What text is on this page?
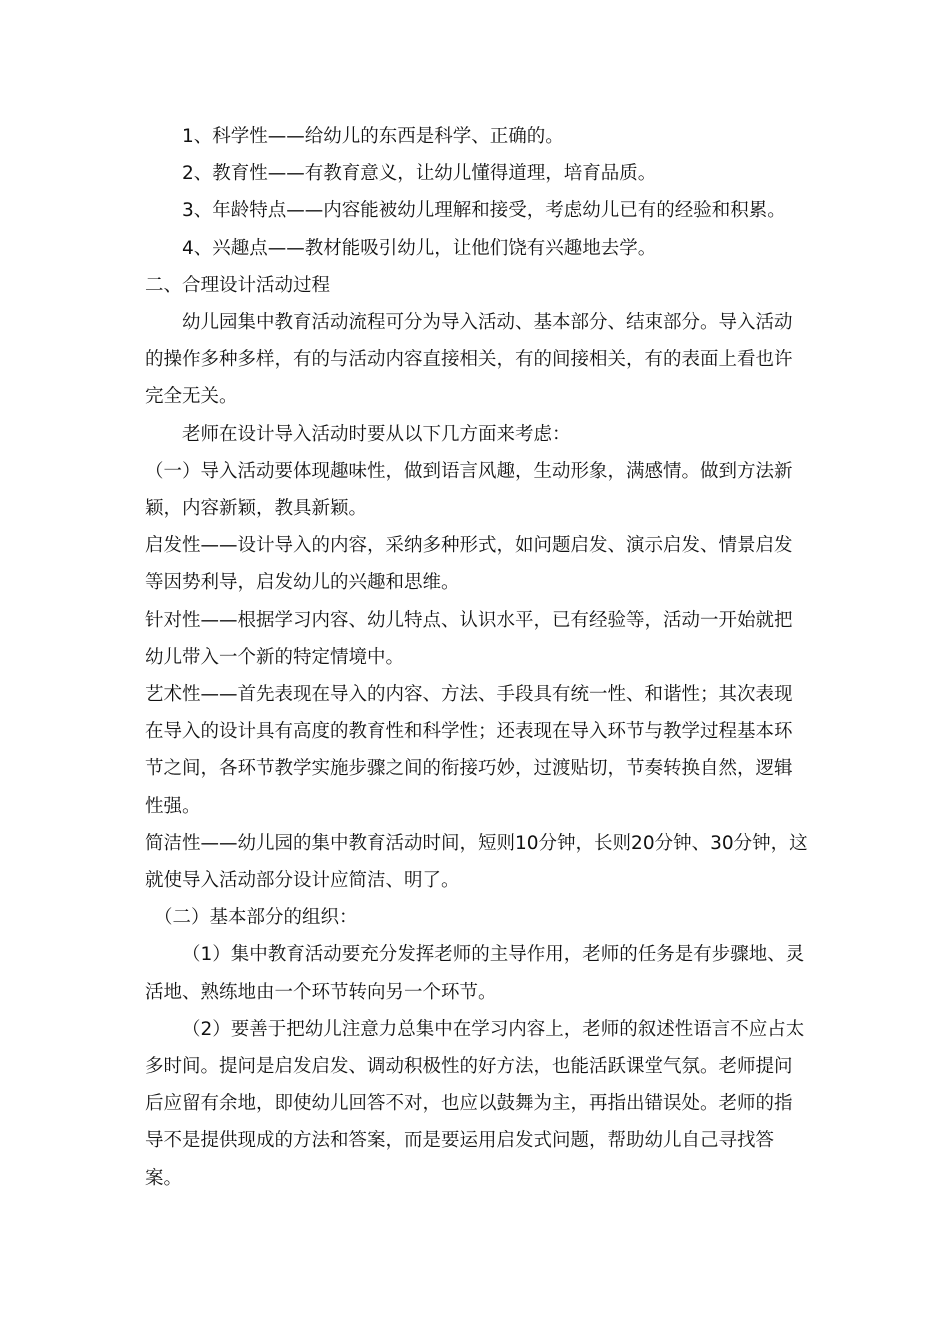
1、科学性——给幼儿的东西是科学、正确的。

2、教育性——有教育意义，让幼儿懂得道理，培育品质。

3、年龄特点——内容能被幼儿理解和接受，考虑幼儿已有的经验和积累。

4、兴趣点——教材能吸引幼儿，让他们饶有兴趣地去学。

二、合理设计活动过程

幼儿园集中教育活动流程可分为导入活动、基本部分、结束部分。导入活动的操作多种多样，有的与活动内容直接相关，有的间接相关，有的表面上看也许完全无关。

老师在设计导入活动时要从以下几方面来考虑：

（一）导入活动要体现趣味性，做到语言风趣，生动形象，满感情。做到方法新颖，内容新颖，教具新颖。

启发性——设计导入的内容，采纳多种形式，如问题启发、演示启发、情景启发等因势利导，启发幼儿的兴趣和思维。

针对性——根据学习内容、幼儿特点、认识水平，已有经验等，活动一开始就把幼儿带入一个新的特定情境中。

艺术性——首先表现在导入的内容、方法、手段具有统一性、和谐性；其次表现在导入的设计具有高度的教育性和科学性；还表现在导入环节与教学过程基本环节之间，各环节教学实施步骤之间的衔接巧妙，过渡贴切，节奏转换自然，逻辑性强。

简洁性——幼儿园的集中教育活动时间，短则10分钟，长则20分钟、30分钟，这就使导入活动部分设计应简洁、明了。

（二）基本部分的组织：

（1）集中教育活动要充分发挥老师的主导作用，老师的任务是有步骤地、灵活地、熟练地由一个环节转向另一个环节。

（2）要善于把幼儿注意力总集中在学习内容上，老师的叙述性语言不应占太多时间。提问是启发启发、调动积极性的好方法，也能活跃课堂气氛。老师提问后应留有余地，即使幼儿回答不对，也应以鼓舞为主，再指出错误处。老师的指导不是提供现成的方法和答案，而是要运用启发式问题，帮助幼儿自己寻找答案。
